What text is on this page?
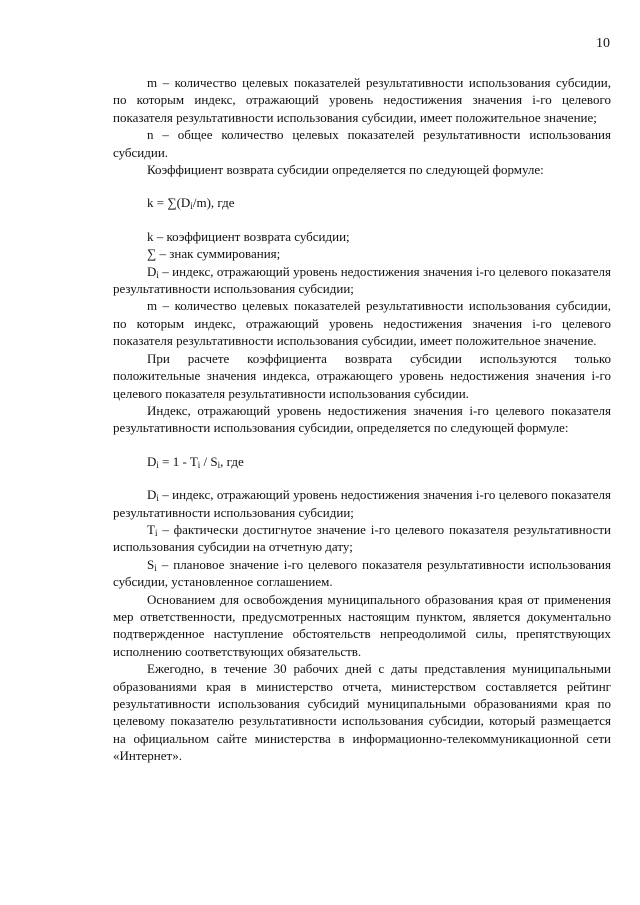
10

m – количество целевых показателей результативности использования субсидии, по которым индекс, отражающий уровень недостижения значения i-го целевого показателя результативности использования субсидии, имеет положительное значение;

n – общее количество целевых показателей результативности использования субсидии.

Коэффициент возврата субсидии определяется по следующей формуле:

$k = \sum(D_i/m)$, где

k – коэффициент возврата субсидии;

∑ – знак суммирования;

$D_i$ – индекс, отражающий уровень недостижения значения i-го целевого показателя результативности использования субсидии;

m – количество целевых показателей результативности использования субсидии, по которым индекс, отражающий уровень недостижения значения i-го целевого показателя результативности использования субсидии, имеет положительное значение.

При расчете коэффициента возврата субсидии используются только положительные значения индекса, отражающего уровень недостижения значения i-го целевого показателя результативности использования субсидии.

Индекс, отражающий уровень недостижения значения i-го целевого показателя результативности использования субсидии, определяется по следующей формуле:

$D_i = 1 - T_i / S_i$, где

$D_i$ – индекс, отражающий уровень недостижения значения i-го целевого показателя результативности использования субсидии;

$T_i$ – фактически достигнутое значение i-го целевого показателя результативности использования субсидии на отчетную дату;

$S_i$ – плановое значение i-го целевого показателя результативности использования субсидии, установленное соглашением.

Основанием для освобождения муниципального образования края от применения мер ответственности, предусмотренных настоящим пунктом, является документально подтвержденное наступление обстоятельств непреодолимой силы, препятствующих исполнению соответствующих обязательств.

Ежегодно, в течение 30 рабочих дней с даты представления муниципальными образованиями края в министерство отчета, министерством составляется рейтинг результативности использования субсидий муниципальными образованиями края по целевому показателю результативности использования субсидии, который размещается на официальном сайте министерства в информационно-телекоммуникационной сети «Интернет».
